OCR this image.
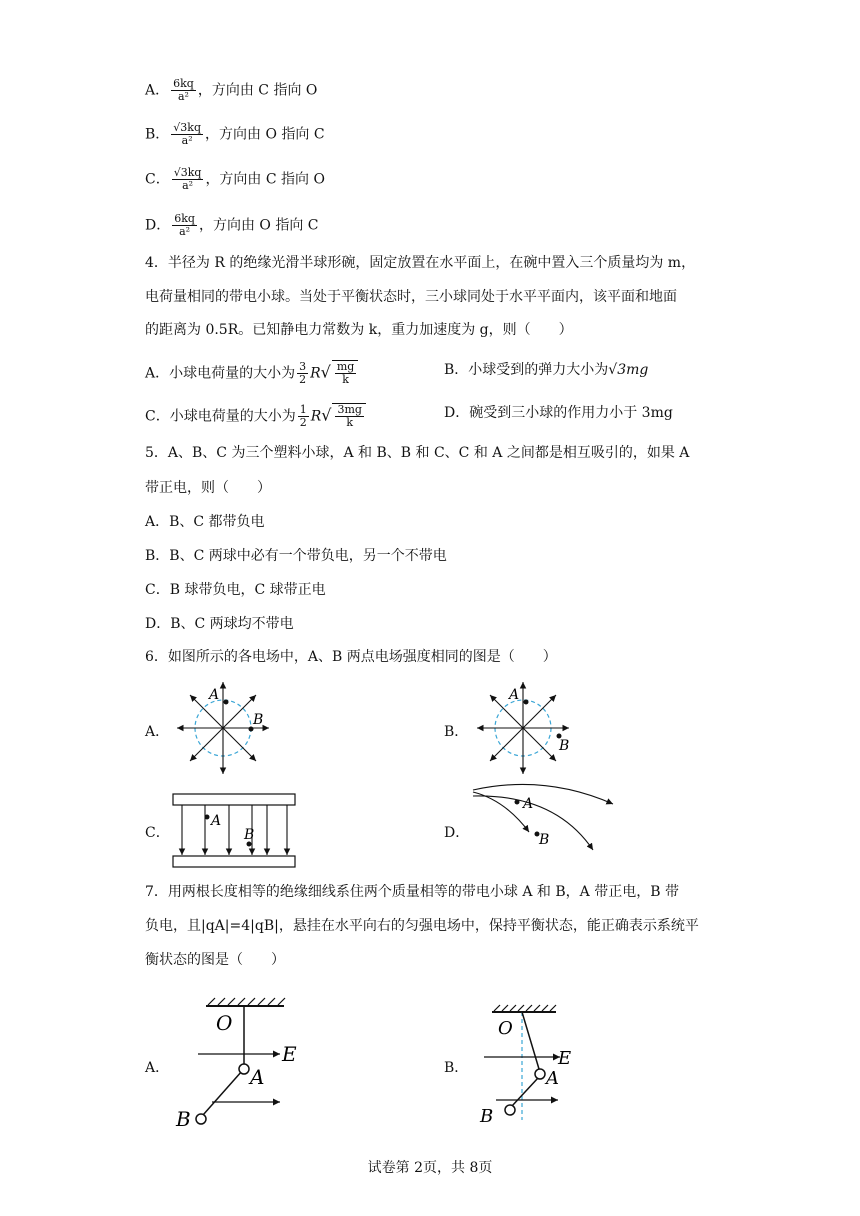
A． $\frac{6kq}{\text{a²}}$ ，方向由 C 指向 O
B． $\frac{√3kq}{\text{a²}}$ ，方向由 O 指向 C
C． $\frac{√3kq}{\text{a²}}$ ，方向由 C 指向 O
D． $\frac{6kq}{\text{a²}}$ ，方向由 O 指向 C
4．半径为 R 的绝缘光滑半球形碗，固定放置在水平面上，在碗中置入三个质量均为 m，
电荷量相同的带电小球。当处于平衡状态时，三小球同处于水平平面内，该平面和地面
的距离为 0.5R。已知静电力常数为 k，重力加速度为 g，则（　　）
A．小球电荷量的大小为 $\frac{3}{2} R√ \frac{mg}{k}$	B．小球受到的弹力大小为√3mg
C．小球电荷量的大小为 $\frac{1}{2} R√ \frac{3mg}{k}$	D．碗受到三小球的作用力小于 3mg
5．A、B、C 为三个塑料小球，A 和 B、B 和 C、C 和 A 之间都是相互吸引的，如果 A
带正电，则（　　）
A．B、C 都带负电
B．B、C 两球中必有一个带负电，另一个不带电
C．B 球带负电，C 球带正电
D．B、C 两球均不带电
6．如图所示的各电场中，A、B 两点电场强度相同的图是（　　）
A．	B．
C．	D．
A
B
A
B
A
B
A
B
7．用两根长度相等的绝缘细线系住两个质量相等的带电小球 A 和 B，A 带正电，B 带
负电，且|qA|=4|qB|，悬挂在水平向右的匀强电场中，保持平衡状态，能正确表示系统平
衡状态的图是（　　）
A．	B．
O
E
A
B
O
E
A
B
试卷第 2页，共 8页
